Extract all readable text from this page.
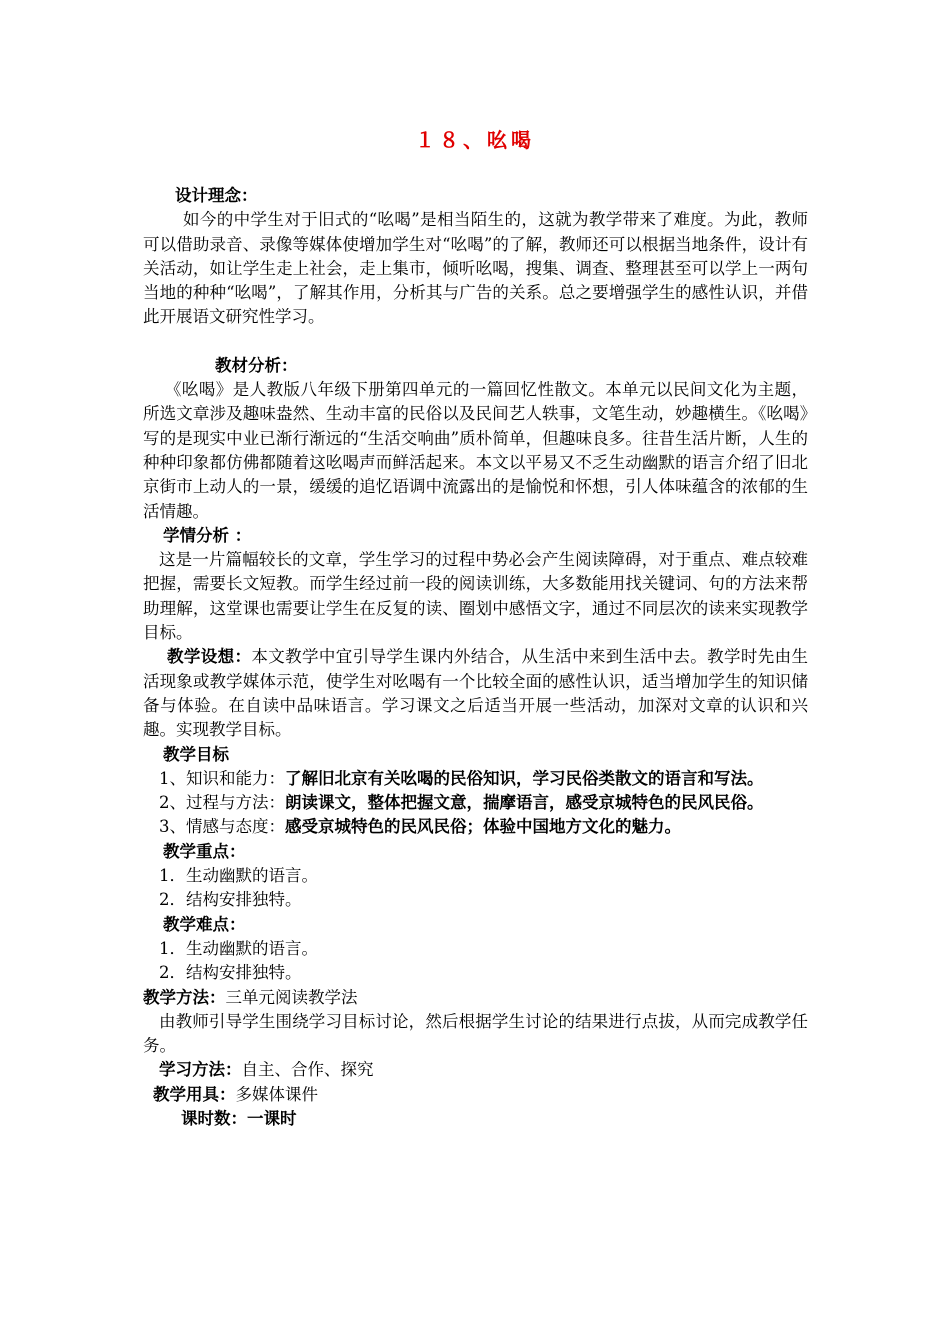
１８、吆喝

设计理念：

如今的中学生对于旧式的“吆喝”是相当陌生的，这就为教学带来了难度。为此，教师可以借助录音、录像等媒体使增加学生对“吆喝”的了解，教师还可以根据当地条件，设计有关活动，如让学生走上社会，走上集市，倾听吆喝，搜集、调查、整理甚至可以学上一两句当地的种种“吆喝”，了解其作用，分析其与广告的关系。总之要增强学生的感性认识，并借此开展语文研究性学习。

教材分析：

《吆喝》是人教版八年级下册第四单元的一篇回忆性散文。本单元以民间文化为主题，所选文章涉及趣味盎然、生动丰富的民俗以及民间艺人轶事，文笔生动，妙趣横生。《吆喝》写的是现实中业已渐行渐远的“生活交响曲”质朴简单，但趣味良多。往昔生活片断，人生的种种印象都仿佛都随着这吆喝声而鲜活起来。本文以平易又不乏生动幽默的语言介绍了旧北京街市上动人的一景，缓缓的追忆语调中流露出的是愉悦和怀想，引人体味蕴含的浓郁的生活情趣。

学情分析 ：

这是一片篇幅较长的文章，学生学习的过程中势必会产生阅读障碍，对于重点、难点较难把握，需要长文短教。而学生经过前一段的阅读训练，大多数能用找关键词、句的方法来帮助理解，这堂课也需要让学生在反复的读、圈划中感悟文字，通过不同层次的读来实现教学目标。

教学设想：本文教学中宜引导学生课内外结合，从生活中来到生活中去。教学时先由生活现象或教学媒体示范，使学生对吆喝有一个比较全面的感性认识，适当增加学生的知识储备与体验。在自读中品味语言。学习课文之后适当开展一些活动，加深对文章的认识和兴趣。实现教学目标。

教学目标

1、知识和能力：了解旧北京有关吆喝的民俗知识，学习民俗类散文的语言和写法。

2、过程与方法：朗读课文，整体把握文意，揣摩语言，感受京城特色的民风民俗。

3、情感与态度：感受京城特色的民风民俗；体验中国地方文化的魅力。

教学重点：

1．生动幽默的语言。

2．结构安排独特。

教学难点：

1．生动幽默的语言。

2．结构安排独特。

教学方法：三单元阅读教学法

由教师引导学生围绕学习目标讨论，然后根据学生讨论的结果进行点拔，从而完成教学任务。

学习方法：自主、合作、探究

教学用具：多媒体课件

课时数：一课时
